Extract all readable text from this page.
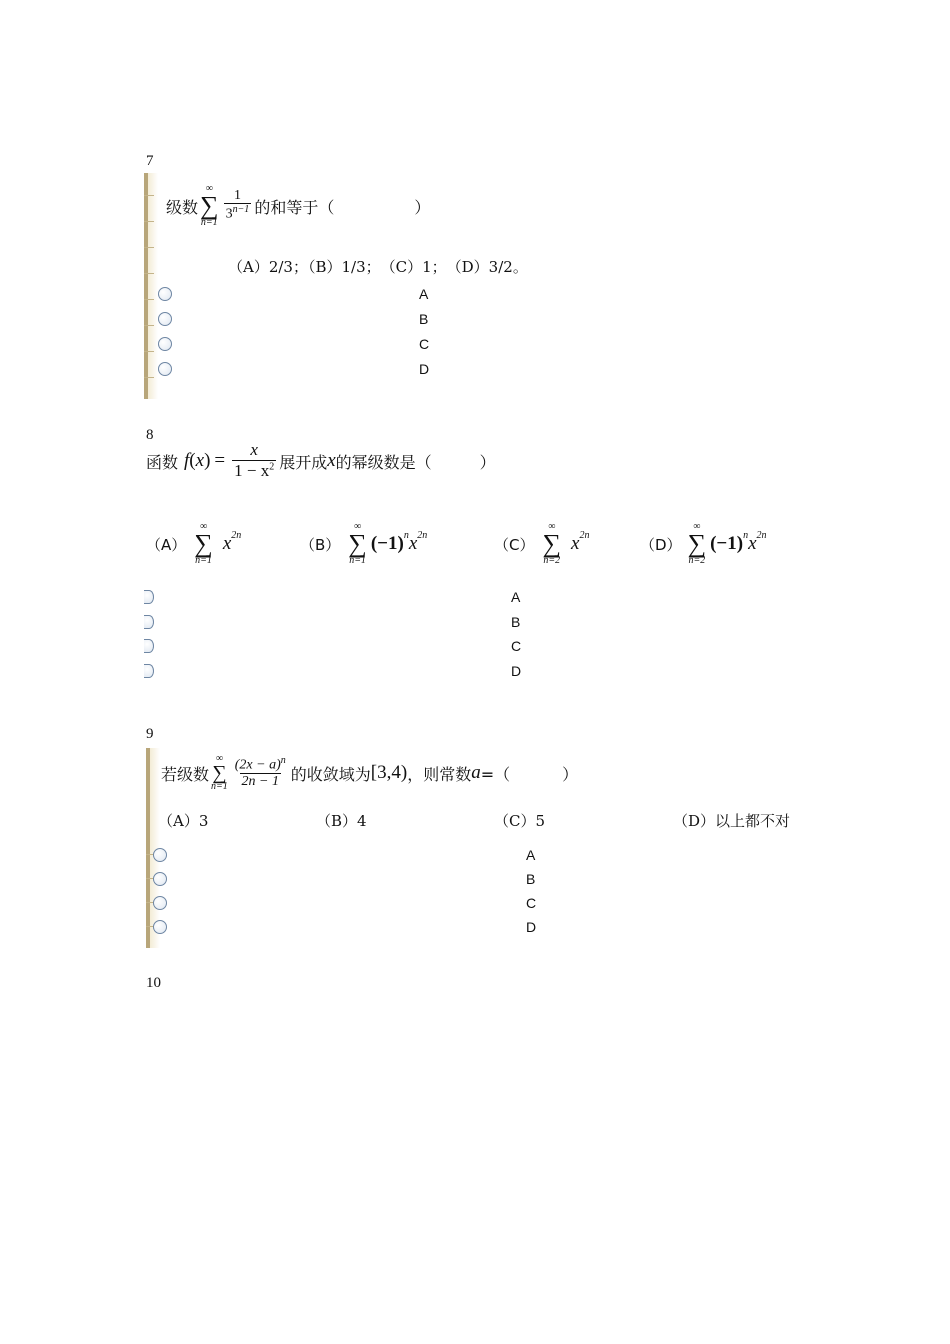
7
级数
∞
∑
$n=1 \frac{1}{3^{n-1}}$ 的和等于（	）
（A）2/3；（B）1/3；　（C）1；　（D）3/2。
A
B
C
D
8
函数 f ( x ) = $\frac{x}{1 - x^2}$ 展开成 x 的幂级数是（	）
（A）
∞
∑
n=1
$x^{2n}$	（B）
∞
∑
n=1
$(-1)^n$ $x^{2n}$	（C）
∞
∑
n=2
$x^{2n}$	（D）
∞
∑
n=2
$(-1)^n$ $x^{2n}$
A
B
C
D
9
若级数
∞
∑
$n=1 \frac{(2x - a)^n}{2n - 1}$ 的收敛域为 [3,4) ，则常数 a =（	）
（A）3	（B）4	（C）5	（D）以上都不对
A
B
C
D
10
